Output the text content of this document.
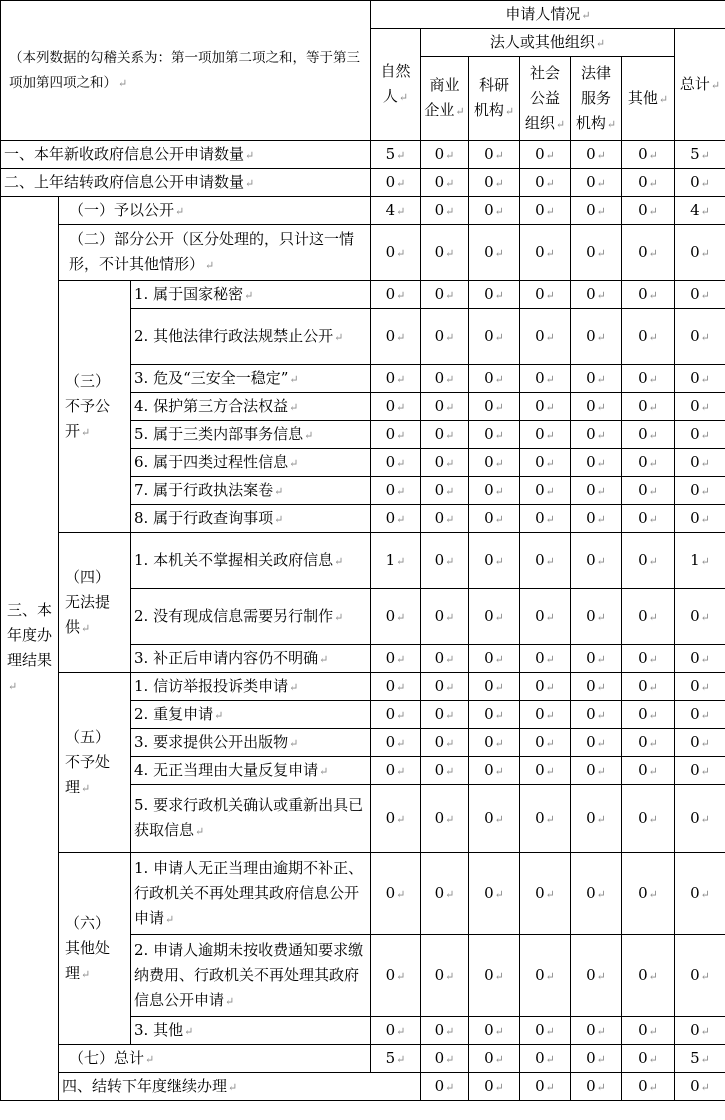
（本列数据的勾稽关系为：第一项加第二项之和，等于第三项加第四项之和）↵			申请人情况↵							
			自然人↵	法人或其他组织↵					总计↵	
				商业企业↵	科研机构↵	社会公益组织↵	法律服务机构↵	其他↵		
一、本年新收政府信息公开申请数量↵			5↵	0↵	0↵	0↵	0↵	0↵	5↵	
二、上年结转政府信息公开申请数量↵			0↵	0↵	0↵	0↵	0↵	0↵	0↵	
三、本年度办理结果↵	（一）予以公开↵		4↵	0↵	0↵	0↵	0↵	0↵	4↵	
	（二）部分公开（区分处理的，只计这一情形，不计其他情形）↵		0↵	0↵	0↵	0↵	0↵	0↵	0↵	
	（三）不予公开↵	1. 属于国家秘密↵	0↵	0↵	0↵	0↵	0↵	0↵	0↵	
		2. 其他法律行政法规禁止公开↵	0↵	0↵	0↵	0↵	0↵	0↵	0↵	
		3. 危及“三安全一稳定”↵	0↵	0↵	0↵	0↵	0↵	0↵	0↵	
		4. 保护第三方合法权益↵	0↵	0↵	0↵	0↵	0↵	0↵	0↵	
		5. 属于三类内部事务信息↵	0↵	0↵	0↵	0↵	0↵	0↵	0↵	
		6. 属于四类过程性信息↵	0↵	0↵	0↵	0↵	0↵	0↵	0↵	
		7. 属于行政执法案卷↵	0↵	0↵	0↵	0↵	0↵	0↵	0↵	
		8. 属于行政查询事项↵	0↵	0↵	0↵	0↵	0↵	0↵	0↵	
	（四）无法提供↵	1. 本机关不掌握相关政府信息↵	1↵	0↵	0↵	0↵	0↵	0↵	1↵	
		2. 没有现成信息需要另行制作↵	0↵	0↵	0↵	0↵	0↵	0↵	0↵	
		3. 补正后申请内容仍不明确↵	0↵	0↵	0↵	0↵	0↵	0↵	0↵	
	（五）不予处理↵	1. 信访举报投诉类申请↵	0↵	0↵	0↵	0↵	0↵	0↵	0↵	
		2. 重复申请↵	0↵	0↵	0↵	0↵	0↵	0↵	0↵	
		3. 要求提供公开出版物↵	0↵	0↵	0↵	0↵	0↵	0↵	0↵	
		4. 无正当理由大量反复申请↵	0↵	0↵	0↵	0↵	0↵	0↵	0↵	
		5. 要求行政机关确认或重新出具已获取信息↵	0↵	0↵	0↵	0↵	0↵	0↵	0↵	
	（六）其他处理↵	1. 申请人无正当理由逾期不补正、行政机关不再处理其政府信息公开申请↵	0↵	0↵	0↵	0↵	0↵	0↵	0↵	
		2. 申请人逾期未按收费通知要求缴纳费用、行政机关不再处理其政府信息公开申请↵	0↵	0↵	0↵	0↵	0↵	0↵	0↵	
		3. 其他↵	0↵	0↵	0↵	0↵	0↵	0↵	0↵	
	（七）总计↵		5↵	0↵	0↵	0↵	0↵	0↵	5↵	
	四、结转下年度继续办理↵			0↵	0↵	0↵	0↵	0↵	0↵	
